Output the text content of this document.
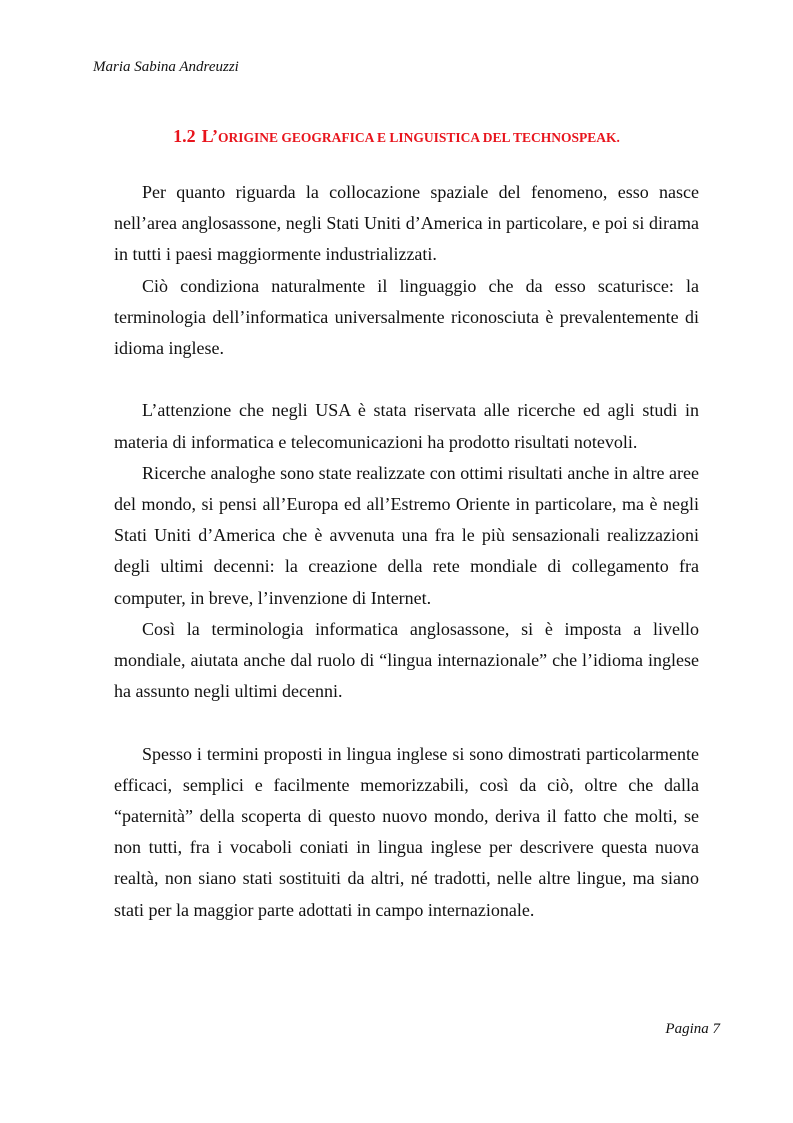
Maria Sabina Andreuzzi
1.2 L’ORIGINE GEOGRAFICA E LINGUISTICA DEL TECHNOSPEAK.

Per quanto riguarda la collocazione spaziale del fenomeno, esso nasce nell’area anglosassone, negli Stati Uniti d’America in particolare, e poi si dirama in tutti i paesi maggiormente industrializzati.

Ciò condiziona naturalmente il linguaggio che da esso scaturisce: la terminologia dell’informatica universalmente riconosciuta è prevalentemente di idioma inglese.

L’attenzione che negli USA è stata riservata alle ricerche ed agli studi in materia di informatica e telecomunicazioni ha prodotto risultati notevoli.

Ricerche analoghe sono state realizzate con ottimi risultati anche in altre aree del mondo, si pensi all’Europa ed all’Estremo Oriente in particolare, ma è negli Stati Uniti d’America che è avvenuta una fra le più sensazionali realizzazioni degli ultimi decenni: la creazione della rete mondiale di collegamento fra computer, in breve, l’invenzione di Internet.

Così la terminologia informatica anglosassone, si è imposta a livello mondiale, aiutata anche dal ruolo di “lingua internazionale” che l’idioma inglese ha assunto negli ultimi decenni.

Spesso i termini proposti in lingua inglese si sono dimostrati particolarmente efficaci, semplici e facilmente memorizzabili, così da ciò, oltre che dalla “paternità” della scoperta di questo nuovo mondo, deriva il fatto che molti, se non tutti, fra i vocaboli coniati in lingua inglese per descrivere questa nuova realtà, non siano stati sostituiti da altri, né tradotti, nelle altre lingue, ma siano stati per la maggior parte adottati in campo internazionale.

Pagina 7
